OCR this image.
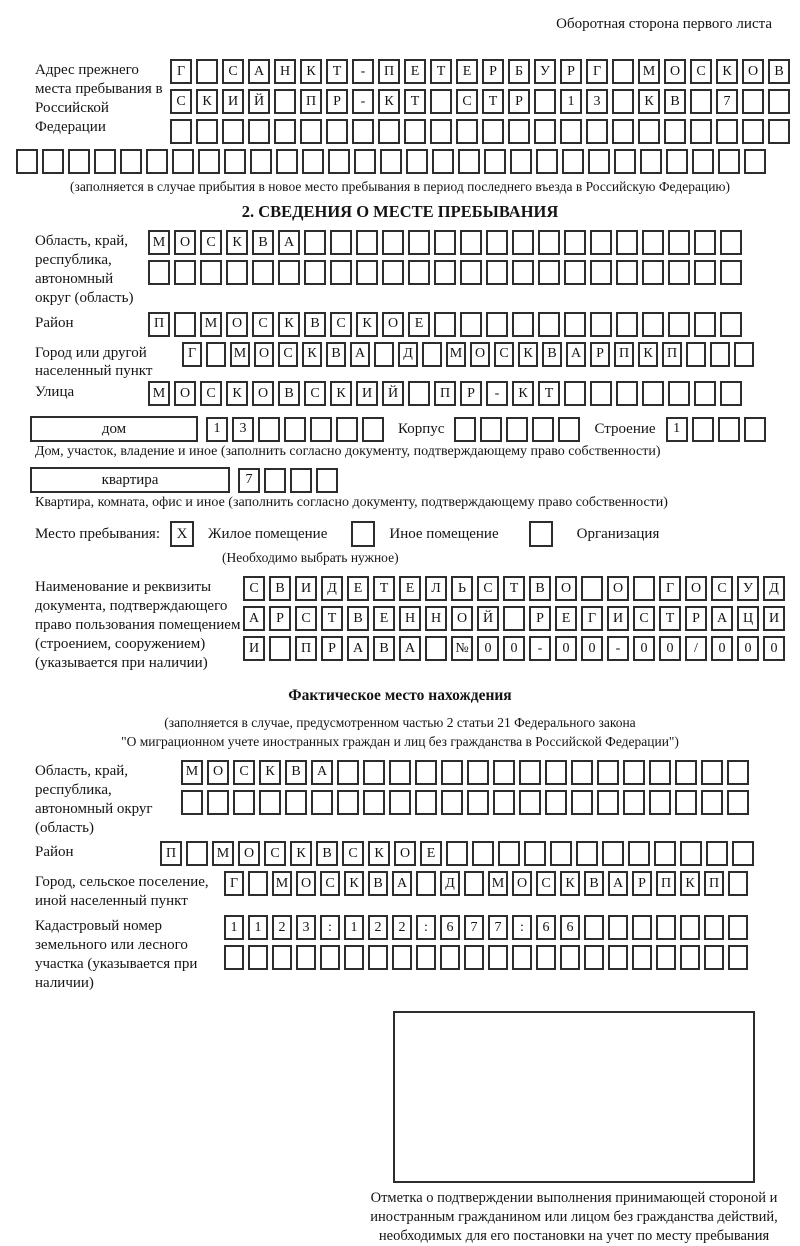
Оборотная сторона первого листа
Адрес прежнего места пребывания в Российской Федерации
Г	С	А	Н	К	Т	-	П	Е	Т	Е	Р	Б	У	Р	Г	М	О	С	К	О	В
С	К	И	Й	П	Р	-	К	Т	С	Т	Р	1	3	К	В	7
(заполняется в случае прибытия в новое место пребывания в период последнего въезда в Российскую Федерацию)
2. СВЕДЕНИЯ О МЕСТЕ ПРЕБЫВАНИЯ
Область, край, республика, автономный округ (область)
М	О	С	К	В	А
Район	П	М	О	С	К	В	С	К	О	Е
Город или другой населенный пункт
Г	М О	С	К	В	А	Д	М О	С	К	В	А	Р	П	К	П
Улица	М	О	С	К	О	В	С	К	И	Й	П	Р	-	К	Т
дом	1	3	Корпус	Строение	1
Дом, участок, владение и иное (заполнить согласно документу, подтверждающему право собственности)
квартира	7
Квартира, комната, офис и иное (заполнить согласно документу, подтверждающему право собственности)
Место пребывания:	X	Жилое помещение	Иное помещение	Организация
(Необходимо выбрать нужное)
Наименование и реквизиты документа, подтверждающего право пользования помещением (строением, сооружением) (указывается при наличии)
С	В	И	Д	Е	Т	Е	Л	Ь	С	Т	В	О	О	Г	О	С	У	Д
А	Р	С	Т	В	Е	Н	Н	О	Й	Р	Е	Г	И	С	Т	Р	А	Ц	И
И	П	Р	А	В	А	№	0	0	-	0	0	-	0	0	/	0	0	0
Фактическое место нахождения
(заполняется в случае, предусмотренном частью 2 статьи 21 Федерального закона
"О миграционном учете иностранных граждан и лиц без гражданства в Российской Федерации")
Область, край, республика, автономный округ (область)
М	О	С	К	В	А
Район	П	М	О	С	К	В	С	К	О	Е
Город, сельское поселение, иной населенный пункт
Г	М О	С	К	В	А	Д	М О	С	К	В	А	Р	П	К	П
Кадастровый номер земельного или лесного участка (указывается при наличии)
1	1	2	3	:	1	2	2	:	6	7	7	:	6	6
Отметка о подтверждении выполнения принимающей стороной и иностранным гражданином или лицом без гражданства действий, необходимых для его постановки на учет по месту пребывания
